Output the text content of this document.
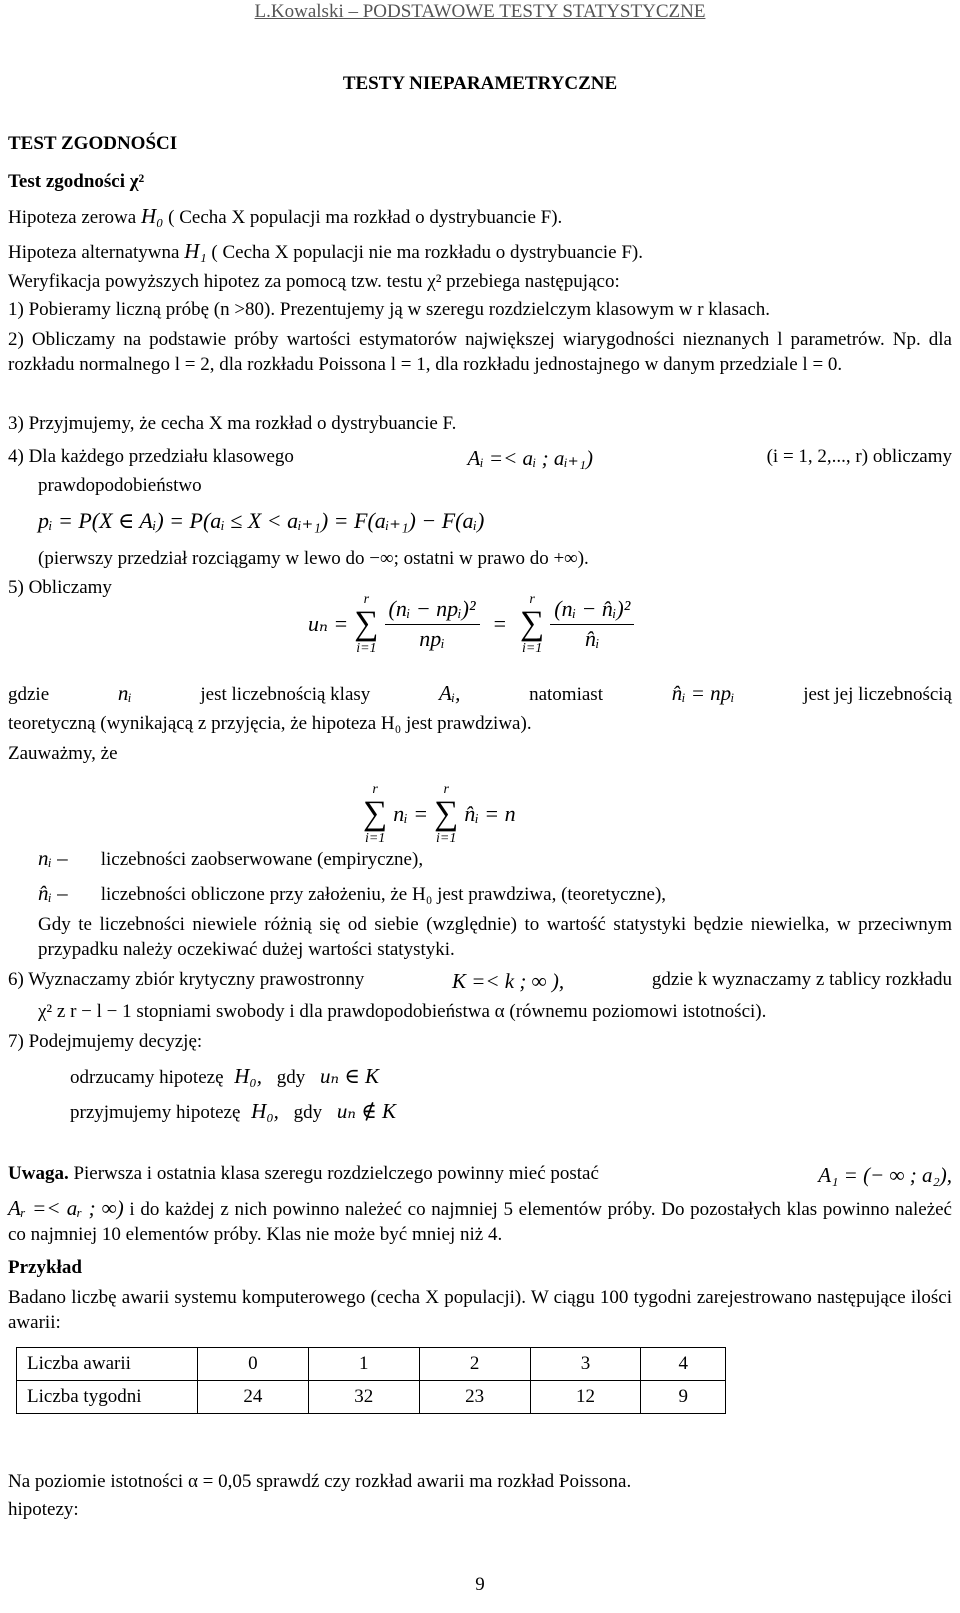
L.Kowalski – PODSTAWOWE TESTY STATYSTYCZNE
TESTY NIEPARAMETRYCZNE
TEST ZGODNOŚCI
Test zgodności χ²
Hipoteza zerowa H₀ ( Cecha X populacji ma rozkład o dystrybuancie F).
Hipoteza alternatywna H₁ ( Cecha X populacji nie ma rozkładu o dystrybuancie F).
Weryfikacja powyższych hipotez za pomocą tzw. testu χ² przebiega następująco:
1) Pobieramy liczną próbę (n >80). Prezentujemy ją w szeregu rozdzielczym klasowym w r klasach.
2) Obliczamy na podstawie próby wartości estymatorów największej wiarygodności nieznanych l parametrów. Np. dla rozkładu normalnego l = 2, dla rozkładu Poissona l = 1, dla rozkładu jednostajnego w danym przedziale l = 0.
3) Przyjmujemy, że cecha X ma rozkład o dystrybuancie F.
4) Dla każdego przedziału klasowego	Aᵢ =< aᵢ ; aᵢ₊₁)	(i = 1, 2,..., r) obliczamy
prawdopodobieństwo
pᵢ = P(X ∈ Aᵢ) = P(aᵢ ≤ X < aᵢ₊₁) = F(aᵢ₊₁) − F(aᵢ)
(pierwszy przedział rozciągamy w lewo do −∞; ostatni w prawo do +∞).
5) Obliczamy
uₙ =
r
∑
$i=1 \frac{\text{(nᵢ − npᵢ)²}}{\text{npᵢ}}$ =
r
∑
$i=1 \frac{\text{(nᵢ − n̂ᵢ)²}}{\text{n̂ᵢ}}$
gdzie	nᵢ	jest liczebnością klasy	Aᵢ,	natomiast	n̂ᵢ = npᵢ	jest jej liczebnością
teoretyczną (wynikającą z przyjęcia, że hipoteza H₀ jest prawdziwa).
Zauważmy, że
r
∑
i=1
nᵢ =
r
∑
i=1
n̂ᵢ = n
nᵢ – liczebności zaobserwowane (empiryczne),
n̂ᵢ – liczebności obliczone przy założeniu, że H₀ jest prawdziwa, (teoretyczne),
Gdy te liczebności niewiele różnią się od siebie (względnie) to wartość statystyki będzie niewielka, w przeciwnym przypadku należy oczekiwać dużej wartości statystyki.
6) Wyznaczamy zbiór krytyczny prawostronny	K =< k ; ∞ ),	gdzie k wyznaczamy z tablicy rozkładu
χ² z r − l − 1 stopniami swobody i dla prawdopodobieństwa α (równemu poziomowi istotności).
7) Podejmujemy decyzję:
odrzucamy hipotezę H₀, gdy uₙ ∈ K
przyjmujemy hipotezę H₀, gdy uₙ ∉ K
Uwaga. Pierwsza i ostatnia klasa szeregu rozdzielczego powinny mieć postać	A₁ = (− ∞ ; a₂),
Aᵣ =< aᵣ ; ∞) i do każdej z nich powinno należeć co najmniej 5 elementów próby. Do pozostałych klas powinno należeć co najmniej 10 elementów próby. Klas nie może być mniej niż 4.
Przykład
Badano liczbę awarii systemu komputerowego (cecha X populacji). W ciągu 100 tygodni zarejestrowano następujące ilości awarii:
Liczba awarii	0	1	2	3	4
Liczba tygodni	24	32	23	12	9
Na poziomie istotności α = 0,05 sprawdź czy rozkład awarii ma rozkład Poissona.
hipotezy:
9
